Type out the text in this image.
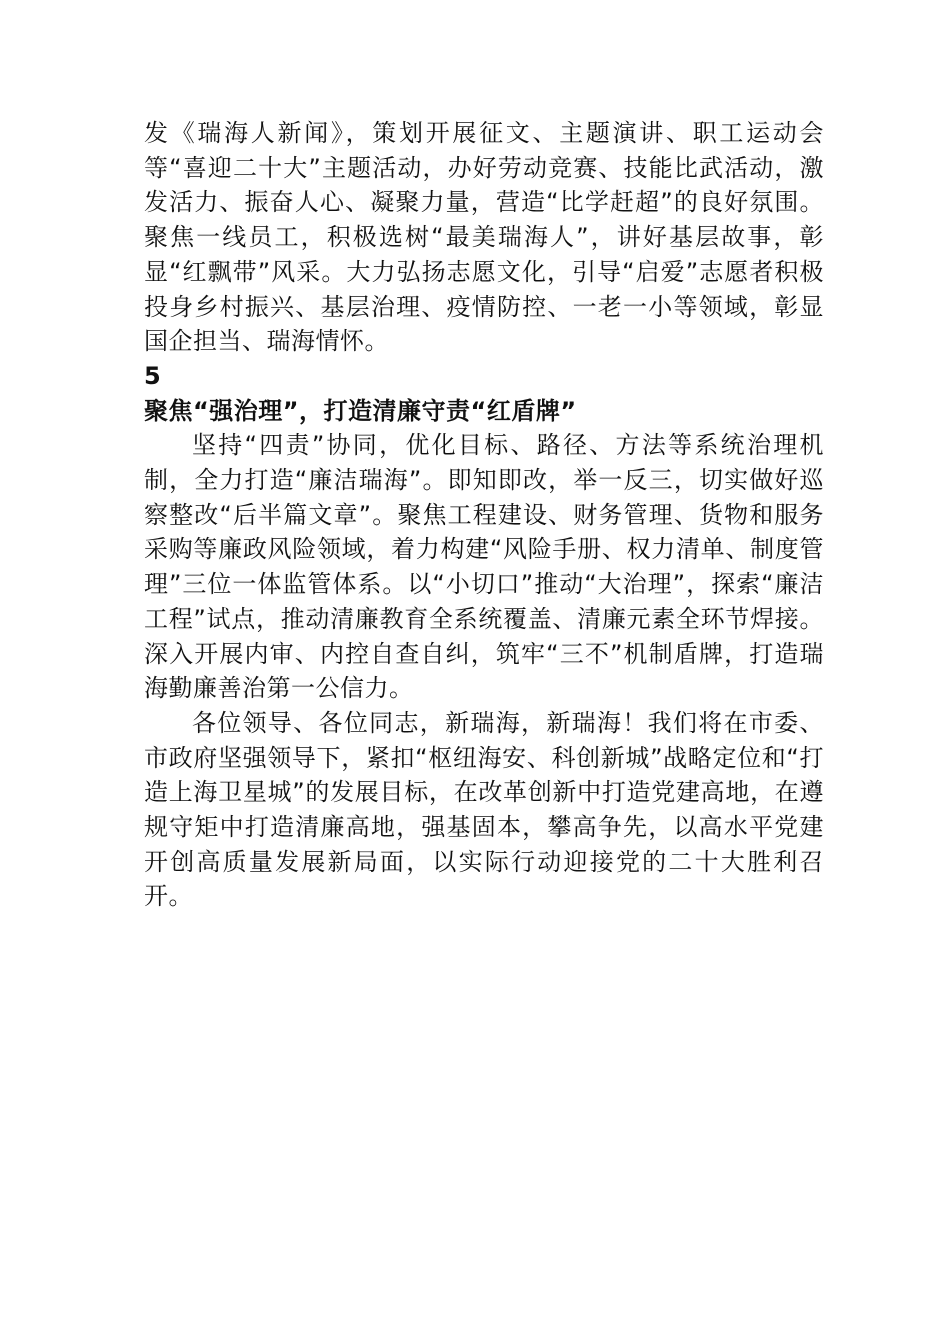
发《瑞海人新闻》，策划开展征文、主题演讲、职工运动会等“喜迎二十大”主题活动，办好劳动竞赛、技能比武活动，激发活力、振奋人心、凝聚力量，营造“比学赶超”的良好氛围。聚焦一线员工，积极选树“最美瑞海人”，讲好基层故事，彰显“红飘带”风采。大力弘扬志愿文化，引导“启爱”志愿者积极投身乡村振兴、基层治理、疫情防控、一老一小等领域，彰显国企担当、瑞海情怀。

5

聚焦“强治理”，打造清廉守责“红盾牌”

坚持“四责”协同，优化目标、路径、方法等系统治理机制，全力打造“廉洁瑞海”。即知即改，举一反三，切实做好巡察整改“后半篇文章”。聚焦工程建设、财务管理、货物和服务采购等廉政风险领域，着力构建“风险手册、权力清单、制度管理”三位一体监管体系。以“小切口”推动“大治理”，探索“廉洁工程”试点，推动清廉教育全系统覆盖、清廉元素全环节焊接。深入开展内审、内控自查自纠，筑牢“三不”机制盾牌，打造瑞海勤廉善治第一公信力。

各位领导、各位同志，新瑞海，新瑞海！我们将在市委、市政府坚强领导下，紧扣“枢纽海安、科创新城”战略定位和“打造上海卫星城”的发展目标，在改革创新中打造党建高地，在遵规守矩中打造清廉高地，强基固本，攀高争先，以高水平党建开创高质量发展新局面，以实际行动迎接党的二十大胜利召开。
